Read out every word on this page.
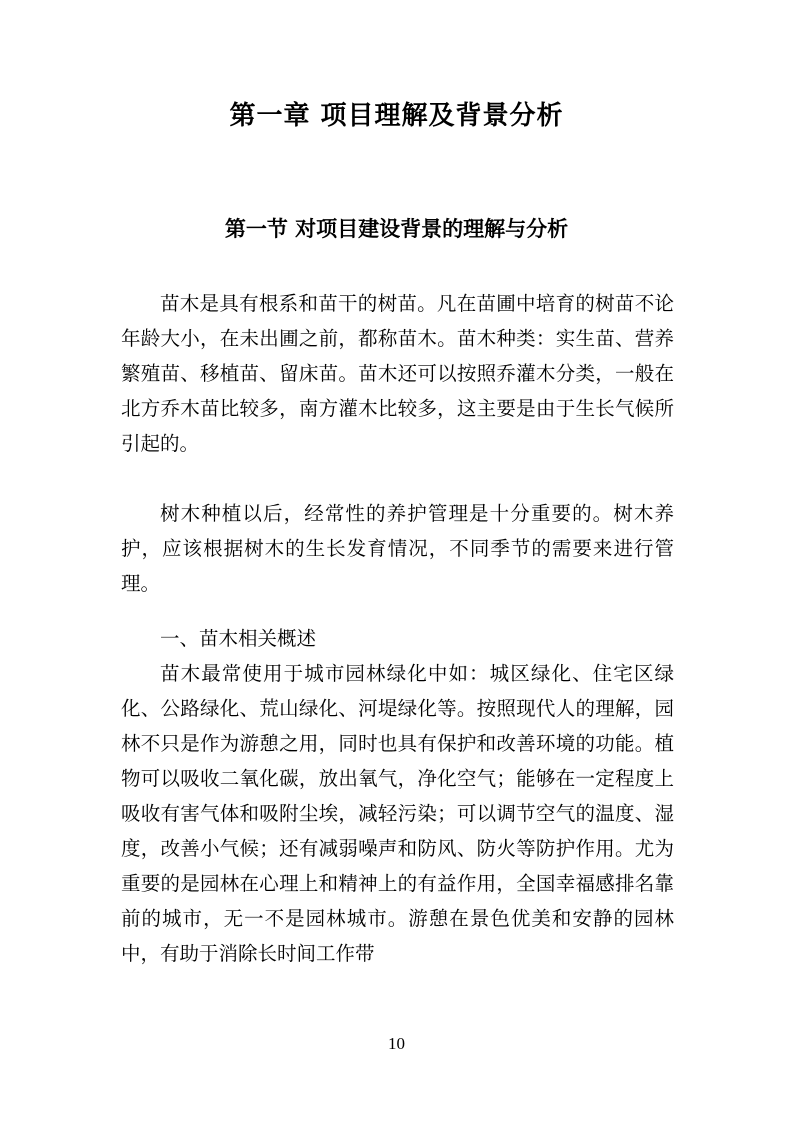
第一章 项目理解及背景分析
第一节 对项目建设背景的理解与分析

苗木是具有根系和苗干的树苗。凡在苗圃中培育的树苗不论年龄大小，在未出圃之前，都称苗木。苗木种类：实生苗、营养繁殖苗、移植苗、留床苗。苗木还可以按照乔灌木分类，一般在北方乔木苗比较多，南方灌木比较多，这主要是由于生长气候所引起的。

树木种植以后，经常性的养护管理是十分重要的。树木养护，应该根据树木的生长发育情况，不同季节的需要来进行管理。

一、苗木相关概述

苗木最常使用于城市园林绿化中如：城区绿化、住宅区绿化、公路绿化、荒山绿化、河堤绿化等。按照现代人的理解，园林不只是作为游憩之用，同时也具有保护和改善环境的功能。植物可以吸收二氧化碳，放出氧气，净化空气；能够在一定程度上吸收有害气体和吸附尘埃，减轻污染；可以调节空气的温度、湿度，改善小气候；还有减弱噪声和防风、防火等防护作用。尤为重要的是园林在心理上和精神上的有益作用，全国幸福感排名靠前的城市，无一不是园林城市。游憩在景色优美和安静的园林中，有助于消除长时间工作带

10
